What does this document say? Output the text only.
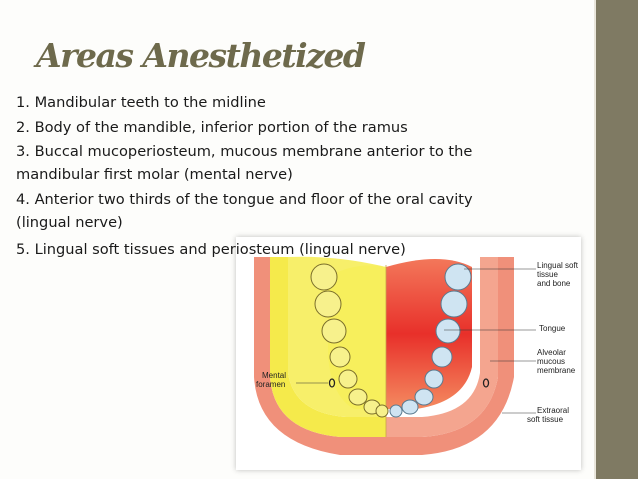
Areas Anesthetized
1. Mandibular teeth to the midline
2. Body of the mandible, inferior portion of the ramus
3. Buccal mucoperiosteum, mucous membrane anterior to the mandibular first molar (mental nerve)
4. Anterior two thirds of the tongue and floor of the oral cavity (lingual nerve)
5. Lingual soft tissues and periosteum (lingual nerve)
Lingual soft
tissue
and bone
Tongue
Alveolar
mucous
membrane
Mental
foramen
Extraoral
soft tissue
